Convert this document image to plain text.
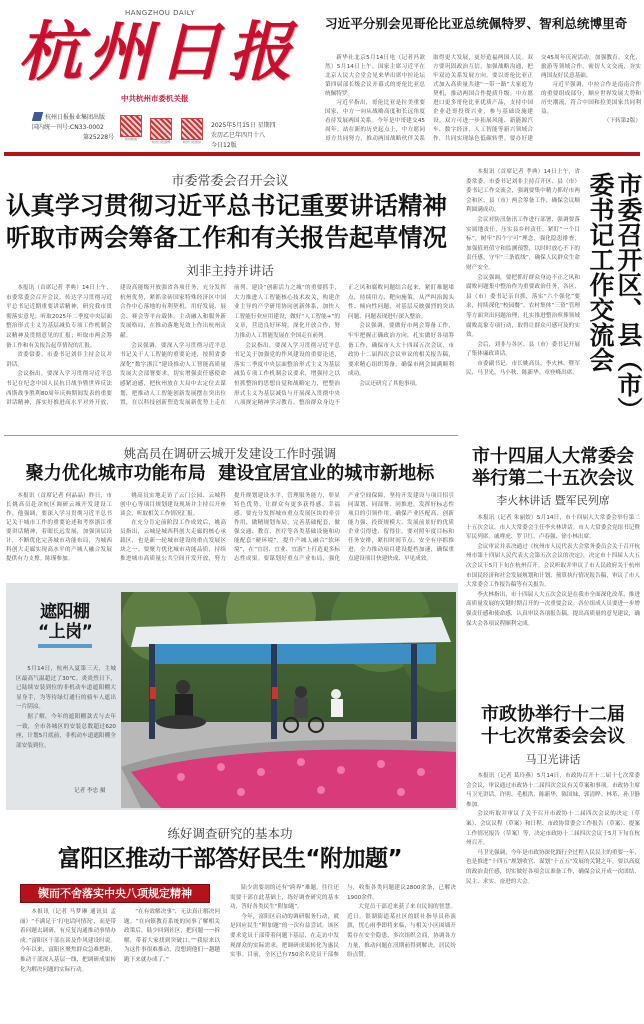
HANGZHOU DAILY
杭州日报
中共杭州市委机关报
杭州日报报业集团出版
国内统一刊号:CN33-0002
第25228号	杭州新闻
杭州日报微博	杭州日报微信
2025年5月15日 星期四
农历乙巳年四月十八
今日12版
习近平分别会见哥伦比亚总统佩特罗、智利总统博里奇

新华社北京5月14日电（记者冯歆然）5月14日上午，国家主席习近平在北京人民大会堂会见来华出席中拉论坛第四届部长级会议开幕式的哥伦比亚总统佩特罗。

习近平指出，哥伦比亚是拉美重要国家，中方一向从战略高度和长远角度看待发展两国关系。今年是中哥建交45周年。站在新的历史起点上，中方愿同哥方共同努力，推动两国战略伙伴关系取得更大发展，更好造福两国人民。双方要巩固政治互信，加强战略沟通，把牢双边关系发展方向。要以哥伦比亚正式加入高质量共建“一带一路”大家庭为契机，推动两国合作提质升级。中方愿进口更多哥伦比亚优质产品，支持中国企业赴哥投资兴业，参与基础设施建设。双方可进一步拓展风能、新能源汽车、数字经济、人工智能等新兴领域合作，共同实现绿色低碳转型。要办好建交45周年庆祝活动，加强教育、文化、旅游等领域合作，密切人文交流，夯实两国友好民意基础。

习近平强调，中拉合作是南南合作的重要组成部分，顺应世界发展大势和历史潮流，符合中国和拉美国家共同利益。

（下转第2版）

市委常委会召开会议
认真学习贯彻习近平总书记重要讲话精神
听取市两会筹备工作和有关报告起草情况
刘非主持并讲话

本报讯（首席记者 孝典）14日上午，市委常委会召开会议，传达学习贯彻习近平总书记近期重要讲话精神，研究我市贯彻落实意见；听取2025年二季度中央层面整治形式主义为基层减负专项工作机制会议精神及贯彻意见的汇报；听取市两会筹备工作和有关报告起草情况的汇报。

省委常委、市委书记刘非主持会议并讲话。

会议指出，要深入学习贯彻习近平总书记在纪念中国人民抗日战争暨世界反法西斯战争胜利80周年庆典期间发表的重要讲话精神，落实好推进高水平对外开放、建设高能级开放强省各项任务，充分发挥杭州优势，紧抓金砖国家特殊经济区中国合作中心落地的有利契机，用好发展、展会、赛会等平台载体，主动融入和服务新发展格局，在推动落地见效上作出杭州贡献。

会议强调，要深入学习贯彻习近平总书记关于人工智能的重要论述，按照省委深化“数字浙江”建设推动人工智能高质量发展大会部署要求，切实增强责任感使命感紧迫感，把杭州放在大局中去定位去谋划，把推动人工智能创新发展摆在突出位置，在以科技创新塑造发展新优势上走在前列。建设“创新活力之城”的重要抓手，大力推进人工智能核心技术攻关，构建企业主导的产学研用协同创新体系，加快人工智能行业应用建设，做好“人工智能+”的文章，营造良好环境，深化开放合作，努力推动人工智能发展在全国走在前列。

会议指出，要深入学习贯彻习近平总书记关于加强党的作风建设的重要论述，落实二季度中央层面整治形式主义为基层减负专项工作机制会议要求，增强持之以恒抓整治的思想自觉和战略定力，把整治形式主义为基层减负与开展深入贯彻中央八项规定精神学习教育、整治群众身边不正之风和腐败问题结合起来，紧盯难题堵点，持续用力、靶向施策，从严纠治源头性、倾向性问题，对基层反映强烈的突出问题、问题表现进行深入整治。

会议强调，要做好市两会筹备工作，牢牢把握正确政治方向，扎实做好各项筹备工作，确保市人大十四届五次会议、市政协十二届四次会议审议的相关报告稿，要求精心组织筹备，确保市两会圆满顺利成功。

会议还研究了其他事项。

本报讯（首席记者 孝典）14日上午，省委常委、市委书记刘非主持召开区、县（市）委书记工作交流会，强调要集中精力抓好市两会和区、县（市）两会筹备工作，确保会议顺利圆满成功。

会议对防汛备汛工作进行部署，强调要落实属地责任，压实县乡村责任，紧盯“一个目标”，树牢“四个宁可”理念，强化隐患排查，加强值班值守和监测预警，以时时放心不下的责任感，守牢“三条底线”，确保人民群众生命财产安全。

会议强调，要把抓好群众身边不正之风和腐败问题集中整治作为重要政治任务，各区、县（市）委书记亲自抓，落实“六个强化”要求，持续深化“校园餐”、农村集体“三资”管理等方面突出问题治理，扎实推进整治殡葬领域腐败乱象专项行动，取得让群众可感可及的实效。

会后，刘非与各区、县（市）委书记开展了集体廉政谈话。

市委副书记、市长姚高员，李火林、暨军民、马卫光、马小秋、陈新华、章登峰出席。	市委召开区、县（市）委书记工作交流会
姚高员在调研云城开发建设工作时强调
聚力优化城市功能布局  建设宜居宜业的城市新地标

本报讯（首席记者 何晶晶）昨日，市长姚高员赴余杭区调研云城开发建设工作。他强调，要深入学习贯彻习近平总书记关于城市工作的重要论述和考察浙江重要讲话精神，着眼长远发展，加强顶层设计，不断优化完善城市功能布局，为城西科创大走廊实现高水平的产城人融合发展提供有力支撑。陈瑾参加。

姚高员实地走访了云门公园、云城科创中心等项目规划建设现场并主持召开座谈会，听取相关工作情况汇报。

在充分肯定前阶段工作成效后，姚高员指出，云城是城西科创大走廊的核心承载区，也是新一轮城市建设的重点发展区块之一。要聚力优化城市功能品质，持续推进城市高质量公共空间开发开放，努力提升规划建设水平、管理服务能力，彰显特色优势，让群众有更多获得感、幸福感。要充分发挥城市重点发展区块的牵引作用，做精规划布局，完善基础配套，做强交通、教育、医疗等各类基础设施和功能配套“硬环境”，提升产城人融合“软环境”，在“宜居、宜业、宜游”上打造更多标志性成果。要谋划好重点产业布局，强化产业空间保障，坚持开发建设与项目招引同谋划、同部署、同推进，发挥好标志性项目的引领作用，确保产业匹配高、创新能力强、投资规模大、发展前景好的优质企业引得进、留得住。要对照年度目标和任务安排，紧扣时间节点、安全有序抓推进，全力推动项目建设提档加速，确保重点建设项目快建快成、早见成效。

遮阳棚
“上岗”

5月14日，杭州入夏第三天，主城区最高气温超过了30℃。炎炎烈日下，已陆续安装到位的非机动车道遮阳棚大显身手，为等待绿灯通行的骑车人遮出一片阴凉。

据了解，今年的遮阳棚款式与去年一致，全市各城区的安装总数超过620座，计划5月底前，非机动车道遮阳棚全部安装到位。

记者 李忠 摄
市十四届人大常委会
举行第二十五次会议
李火林讲话 暨军民列席

本报讯（记者 朱丽姣）5月14日，市十四届人大常委会举行第二十五次会议。市人大常委会主任李火林讲话。市人大常委会党组书记暨军民列席。戚哮虎、罗卫红、卢春强、徐小林出席。

会议审议并表决通过《杭州市人民代表大会常务委员会关于召开杭州市第十四届人民代表大会第五次会议的决定》，决定市十四届人大五次会议于5月下旬在杭州召开。会议听取并审议了市人民政府关于杭州市国民经济和社会发展规划和计划、预算执行情况报告稿，审议了市人大常委会工作报告稿等有关报告。

李火林指出，市十四届人大五次会议是在我市全面深化改革、推进高质量发展的关键时期召开的一次重要会议。各位组成人员要进一步增强责任感和使命感，认真审议各项报告稿，提出高质量的意见建议，确保大会各项议程顺利完成。

市政协举行十二届
十七次常委会会议
马卫光讲话

本报讯（记者 葛玲燕）5月14日，市政协召开十二届十七次常委会会议，审议通过市政协十二届四次会议有关草案和事项。市政协主席马卫光讲话。许明、毛根洪、陈新华、陈国妹、郭清晔、林革、孙卫静参加。

会议听取并审议了关于召开市政协十二届四次会议的决定（草案）、会议议程（草案）和日程、市政协常委会工作报告（草案）、提案工作情况报告（草案）等，决定市政协十二届四次会议于5月下旬在杭州召开。

马卫光强调，今年是市政协深化践行全过程人民民主的重要一年，也是推进“十四五”规划收官、谋划“十五五”发展的关键之年。要以高度的政治责任感，切实做好各项会议准备工作，确保会议开成一次团结、民主、求实、奋进的大会。

练好调查研究的基本功
富阳区推动干部答好民生“附加题”
锲而不舍落实中央八项规定精神

本报讯（记者 马梦琳 通讯员 孟丽）“不满足于‘打电话问情况’，而是带着问题去调研，有反复沟通推动事情办成。”富阳区干部在谈及作风建设时说。今年以来，富阳区聚焦群众急难愁盼，推动干部深入基层一线，把调研成果转化为解决问题的实际行动。

“在有效解决事”，无法真正解决问题。“在向镇教育系统的同事了解相关政策后，陆少回到社区，把问题一一拆解，带着大家找到突破口。”“我原来以为这件事很难推动，没想到他们一趟趟跑下来就办成了。”

陆少需要剖的还有“跨界”难题，往往还需要干部在此基础上，练好调查研究的基本功，答好各类民生“附加题”。

今年，富阳区启动的调研服务行动，就是回应民生“附加题”的一次有益尝试。该区要求党员干部带着问题下基层，在走访中发现群众的实际需求，把调研成果转化为惠民实事。目前，全区已有750余名党员干部参与，收集各类问题建议2800余条，已解决1900余件。

大党员干部近来获了来自民间的智慧。近日，银湖街道某社区的联社指导员孙演旗，忧心雨季即将来临，与相关小区围墙开裂存在安全隐患，多次组织会商，协调各方力量，推动问题在汛期前得到解决，居民纷纷点赞。
